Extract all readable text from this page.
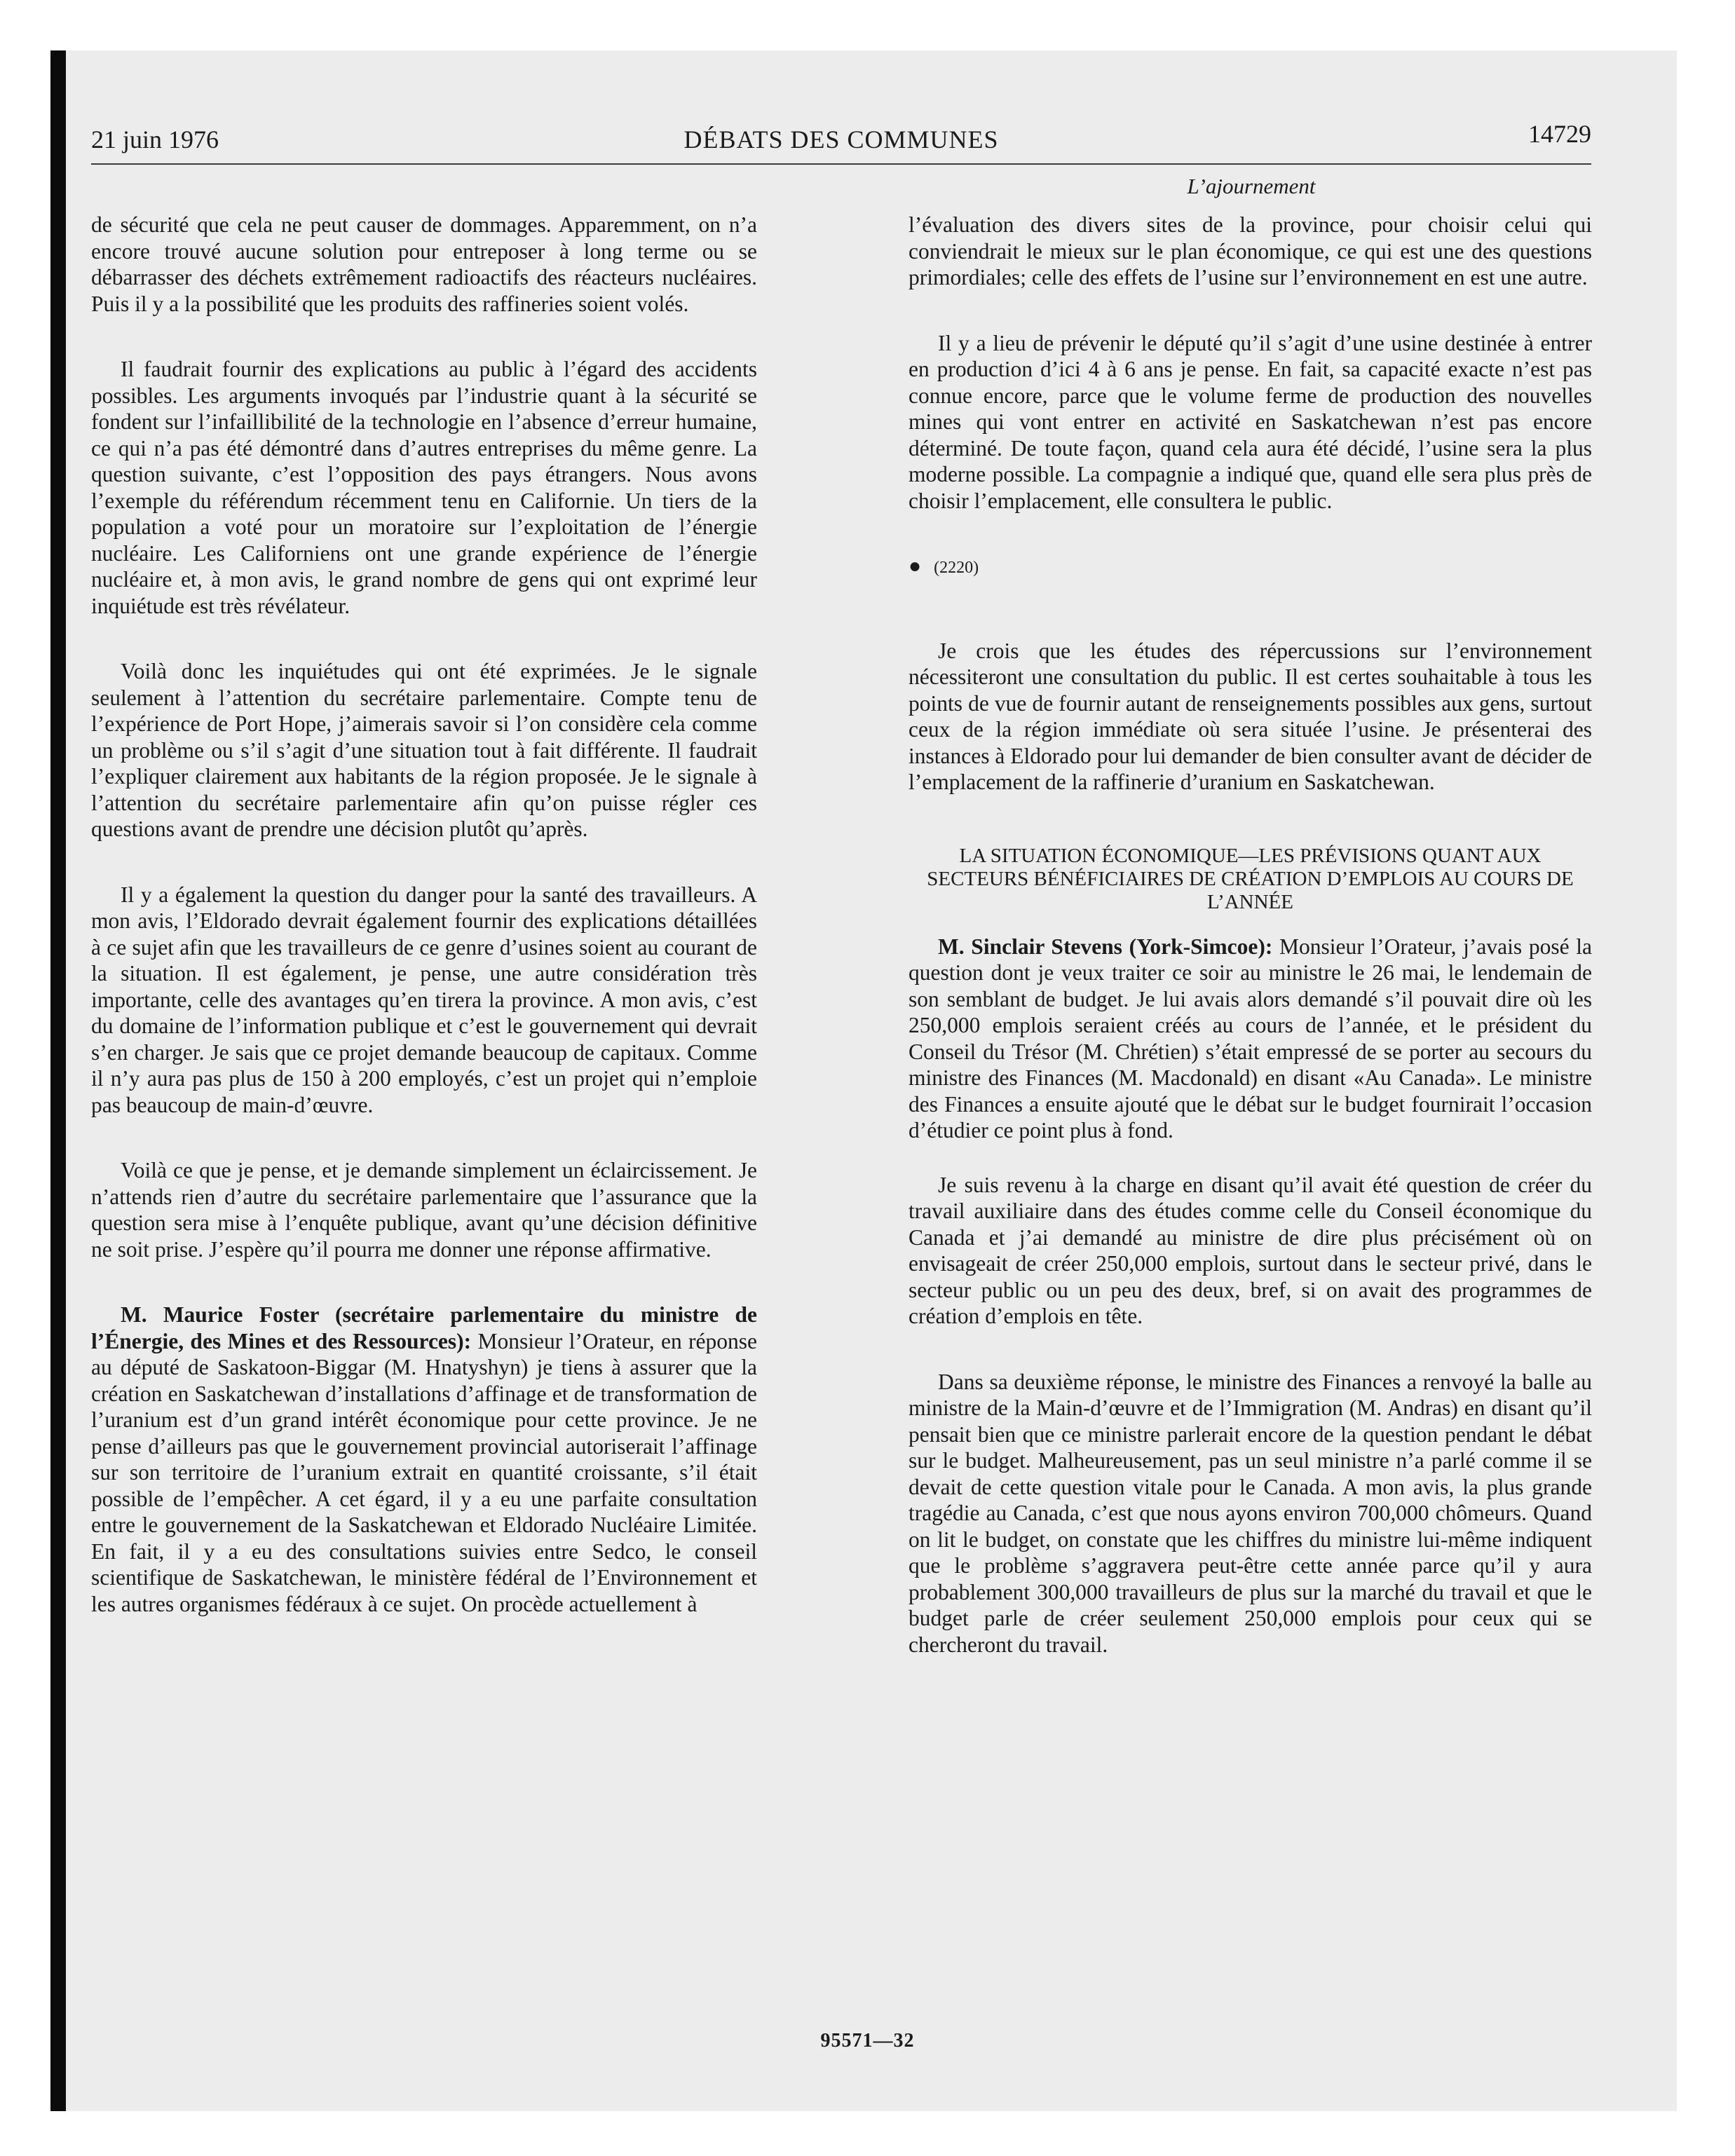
21 juin 1976	DÉBATS DES COMMUNES	14729
L’ajournement

de sécurité que cela ne peut causer de dommages. Apparemment, on n’a encore trouvé aucune solution pour entreposer à long terme ou se débarrasser des déchets extrêmement radioactifs des réacteurs nucléaires. Puis il y a la possibilité que les produits des raffineries soient volés.

Il faudrait fournir des explications au public à l’égard des accidents possibles. Les arguments invoqués par l’industrie quant à la sécurité se fondent sur l’infaillibilité de la technologie en l’absence d’erreur humaine, ce qui n’a pas été démontré dans d’autres entreprises du même genre. La question suivante, c’est l’opposition des pays étrangers. Nous avons l’exemple du référendum récemment tenu en Californie. Un tiers de la population a voté pour un moratoire sur l’exploitation de l’énergie nucléaire. Les Californiens ont une grande expérience de l’énergie nucléaire et, à mon avis, le grand nombre de gens qui ont exprimé leur inquiétude est très révélateur.

Voilà donc les inquiétudes qui ont été exprimées. Je le signale seulement à l’attention du secrétaire parlementaire. Compte tenu de l’expérience de Port Hope, j’aimerais savoir si l’on considère cela comme un problème ou s’il s’agit d’une situation tout à fait différente. Il faudrait l’expliquer clairement aux habitants de la région proposée. Je le signale à l’attention du secrétaire parlementaire afin qu’on puisse régler ces questions avant de prendre une décision plutôt qu’après.

Il y a également la question du danger pour la santé des travailleurs. A mon avis, l’Eldorado devrait également fournir des explications détaillées à ce sujet afin que les travailleurs de ce genre d’usines soient au courant de la situation. Il est également, je pense, une autre considération très importante, celle des avantages qu’en tirera la province. A mon avis, c’est du domaine de l’information publique et c’est le gouvernement qui devrait s’en charger. Je sais que ce projet demande beaucoup de capitaux. Comme il n’y aura pas plus de 150 à 200 employés, c’est un projet qui n’emploie pas beaucoup de main-d’œuvre.

Voilà ce que je pense, et je demande simplement un éclaircissement. Je n’attends rien d’autre du secrétaire parlementaire que l’assurance que la question sera mise à l’enquête publique, avant qu’une décision définitive ne soit prise. J’espère qu’il pourra me donner une réponse affirmative.

M. Maurice Foster (secrétaire parlementaire du ministre de l’Énergie, des Mines et des Ressources): Monsieur l’Orateur, en réponse au député de Saskatoon-Biggar (M. Hnatyshyn) je tiens à assurer que la création en Saskatchewan d’installations d’affinage et de transformation de l’uranium est d’un grand intérêt économique pour cette province. Je ne pense d’ailleurs pas que le gouvernement provincial autoriserait l’affinage sur son territoire de l’uranium extrait en quantité croissante, s’il était possible de l’empêcher. A cet égard, il y a eu une parfaite consultation entre le gouvernement de la Saskatchewan et Eldorado Nucléaire Limitée. En fait, il y a eu des consultations suivies entre Sedco, le conseil scientifique de Saskatchewan, le ministère fédéral de l’Environnement et les autres organismes fédéraux à ce sujet. On procède actuellement à

l’évaluation des divers sites de la province, pour choisir celui qui conviendrait le mieux sur le plan économique, ce qui est une des questions primordiales; celle des effets de l’usine sur l’environnement en est une autre.

Il y a lieu de prévenir le député qu’il s’agit d’une usine destinée à entrer en production d’ici 4 à 6 ans je pense. En fait, sa capacité exacte n’est pas connue encore, parce que le volume ferme de production des nouvelles mines qui vont entrer en activité en Saskatchewan n’est pas encore déterminé. De toute façon, quand cela aura été décidé, l’usine sera la plus moderne possible. La compagnie a indiqué que, quand elle sera plus près de choisir l’emplacement, elle consultera le public.

● (2220)

Je crois que les études des répercussions sur l’environnement nécessiteront une consultation du public. Il est certes souhaitable à tous les points de vue de fournir autant de renseignements possibles aux gens, surtout ceux de la région immédiate où sera située l’usine. Je présenterai des instances à Eldorado pour lui demander de bien consulter avant de décider de l’emplacement de la raffinerie d’uranium en Saskatchewan.

LA SITUATION ÉCONOMIQUE—LES PRÉVISIONS QUANT AUX SECTEURS BÉNÉFICIAIRES DE CRÉATION D’EMPLOIS AU COURS DE L’ANNÉE

M. Sinclair Stevens (York-Simcoe): Monsieur l’Orateur, j’avais posé la question dont je veux traiter ce soir au ministre le 26 mai, le lendemain de son semblant de budget. Je lui avais alors demandé s’il pouvait dire où les 250,000 emplois seraient créés au cours de l’année, et le président du Conseil du Trésor (M. Chrétien) s’était empressé de se porter au secours du ministre des Finances (M. Macdonald) en disant «Au Canada». Le ministre des Finances a ensuite ajouté que le débat sur le budget fournirait l’occasion d’étudier ce point plus à fond.

Je suis revenu à la charge en disant qu’il avait été question de créer du travail auxiliaire dans des études comme celle du Conseil économique du Canada et j’ai demandé au ministre de dire plus précisément où on envisageait de créer 250,000 emplois, surtout dans le secteur privé, dans le secteur public ou un peu des deux, bref, si on avait des programmes de création d’emplois en tête.

Dans sa deuxième réponse, le ministre des Finances a renvoyé la balle au ministre de la Main-d’œuvre et de l’Immigration (M. Andras) en disant qu’il pensait bien que ce ministre parlerait encore de la question pendant le débat sur le budget. Malheureusement, pas un seul ministre n’a parlé comme il se devait de cette question vitale pour le Canada. A mon avis, la plus grande tragédie au Canada, c’est que nous ayons environ 700,000 chômeurs. Quand on lit le budget, on constate que les chiffres du ministre lui-même indiquent que le problème s’aggravera peut-être cette année parce qu’il y aura probablement 300,000 travailleurs de plus sur la marché du travail et que le budget parle de créer seulement 250,000 emplois pour ceux qui se chercheront du travail.

95571—32
